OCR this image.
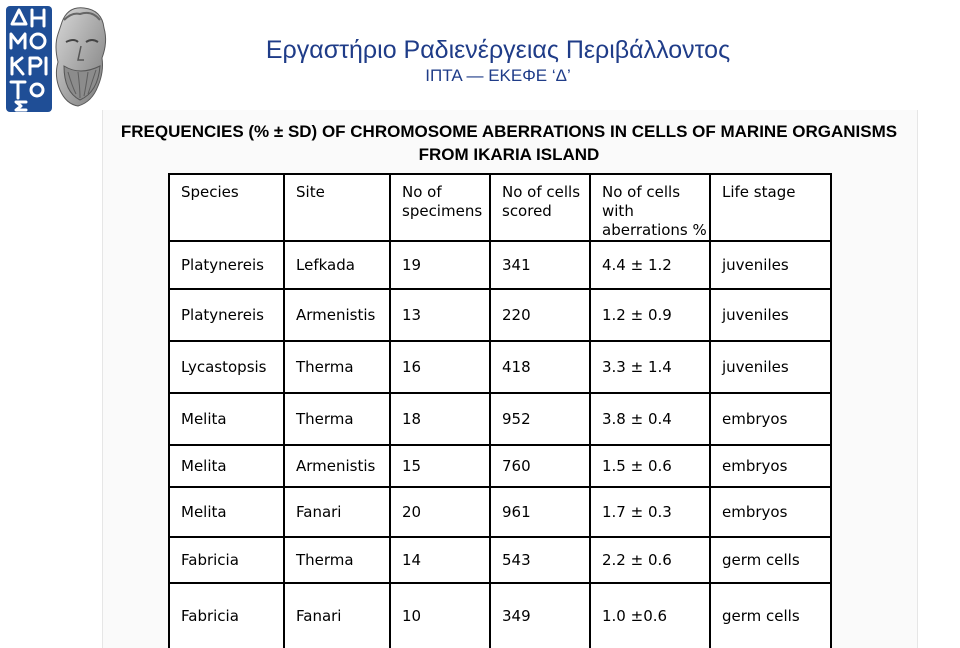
Εργαστήριο Ραδιενέργειας Περιβάλλοντος
ΙΠΤΑ — ΕΚΕΦΕ ‘Δ’
FREQUENCIES (% ± SD) OF CHROMOSOME ABERRATIONS IN CELLS OF MARINE ORGANISMS FROM IKARIA ISLAND
Species	Site	No of specimens	No of cells scored	No of cells with aberrations %	Life stage
Platynereis	Lefkada	19	341	4.4 ± 1.2	juveniles
Platynereis	Armenistis	13	220	1.2 ± 0.9	juveniles
Lycastopsis	Therma	16	418	3.3 ± 1.4	juveniles
Melita	Therma	18	952	3.8 ± 0.4	embryos
Melita	Armenistis	15	760	1.5 ± 0.6	embryos
Melita	Fanari	20	961	1.7 ± 0.3	embryos
Fabricia	Therma	14	543	2.2 ± 0.6	germ cells
Fabricia	Fanari	10	349	1.0 ±0.6	germ cells
